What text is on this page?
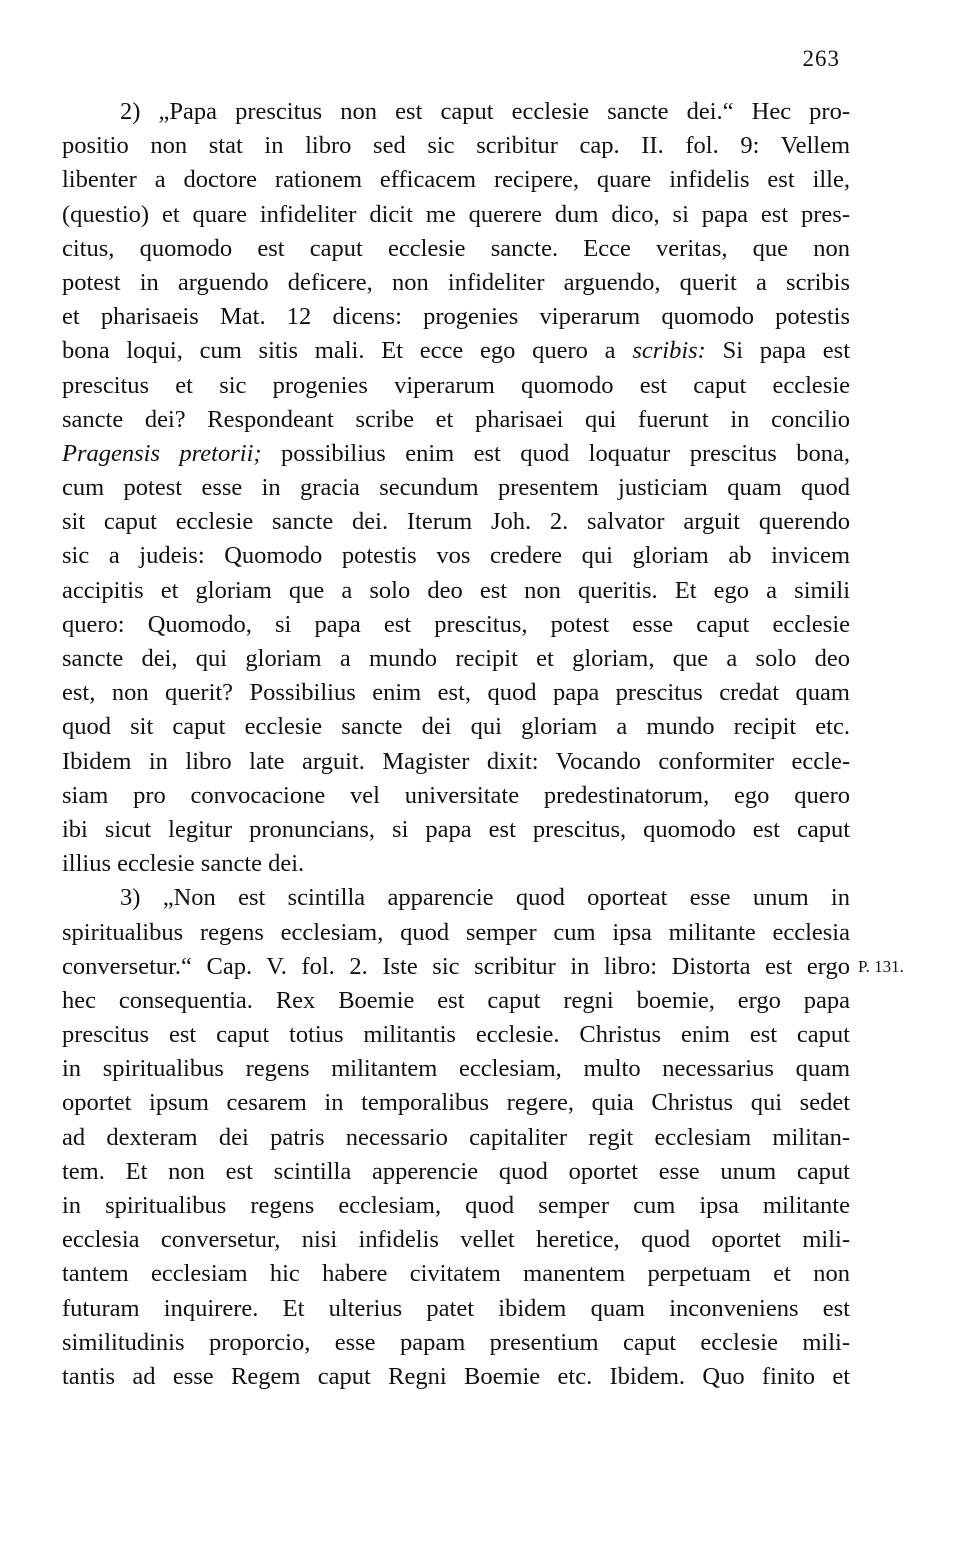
263
2) „Papa prescitus non est caput ecclesie sancte dei.“ Hec pro-
positio non stat in libro sed sic scribitur cap. II. fol. 9: Vellem
libenter a doctore rationem efficacem recipere, quare infidelis est ille,
(questio) et quare infideliter dicit me querere dum dico, si papa est pres-
citus, quomodo est caput ecclesie sancte. Ecce veritas, que non
potest in arguendo deficere, non infideliter arguendo, querit a scribis
et pharisaeis Mat. 12 dicens: progenies viperarum quomodo potestis
bona loqui, cum sitis mali. Et ecce ego quero a scribis: Si papa est
prescitus et sic progenies viperarum quomodo est caput ecclesie
sancte dei? Respondeant scribe et pharisaei qui fuerunt in concilio
Pragensis pretorii; possibilius enim est quod loquatur prescitus bona,
cum potest esse in gracia secundum presentem justiciam quam quod
sit caput ecclesie sancte dei. Iterum Joh. 2. salvator arguit querendo
sic a judeis: Quomodo potestis vos credere qui gloriam ab invicem
accipitis et gloriam que a solo deo est non queritis. Et ego a simili
quero: Quomodo, si papa est prescitus, potest esse caput ecclesie
sancte dei, qui gloriam a mundo recipit et gloriam, que a solo deo
est, non querit? Possibilius enim est, quod papa prescitus credat quam
quod sit caput ecclesie sancte dei qui gloriam a mundo recipit etc.
Ibidem in libro late arguit. Magister dixit: Vocando conformiter eccle-
siam pro convocacione vel universitate predestinatorum, ego quero
ibi sicut legitur pronuncians, si papa est prescitus, quomodo est caput
illius ecclesie sancte dei.
3) „Non est scintilla apparencie quod oporteat esse unum in
spiritualibus regens ecclesiam, quod semper cum ipsa militante ecclesia
conversetur.“ Cap. V. fol. 2. Iste sic scribitur in libro: Distorta est ergo
hec consequentia. Rex Boemie est caput regni boemie, ergo papa
prescitus est caput totius militantis ecclesie. Christus enim est caput
in spiritualibus regens militantem ecclesiam, multo necessarius quam
oportet ipsum cesarem in temporalibus regere, quia Christus qui sedet
ad dexteram dei patris necessario capitaliter regit ecclesiam militan-
tem. Et non est scintilla apperencie quod oportet esse unum caput
in spiritualibus regens ecclesiam, quod semper cum ipsa militante
ecclesia conversetur, nisi infidelis vellet heretice, quod oportet mili-
tantem ecclesiam hic habere civitatem manentem perpetuam et non
futuram inquirere. Et ulterius patet ibidem quam inconveniens est
similitudinis proporcio, esse papam presentium caput ecclesie mili-
tantis ad esse Regem caput Regni Boemie etc. Ibidem. Quo finito et
P. 131.
